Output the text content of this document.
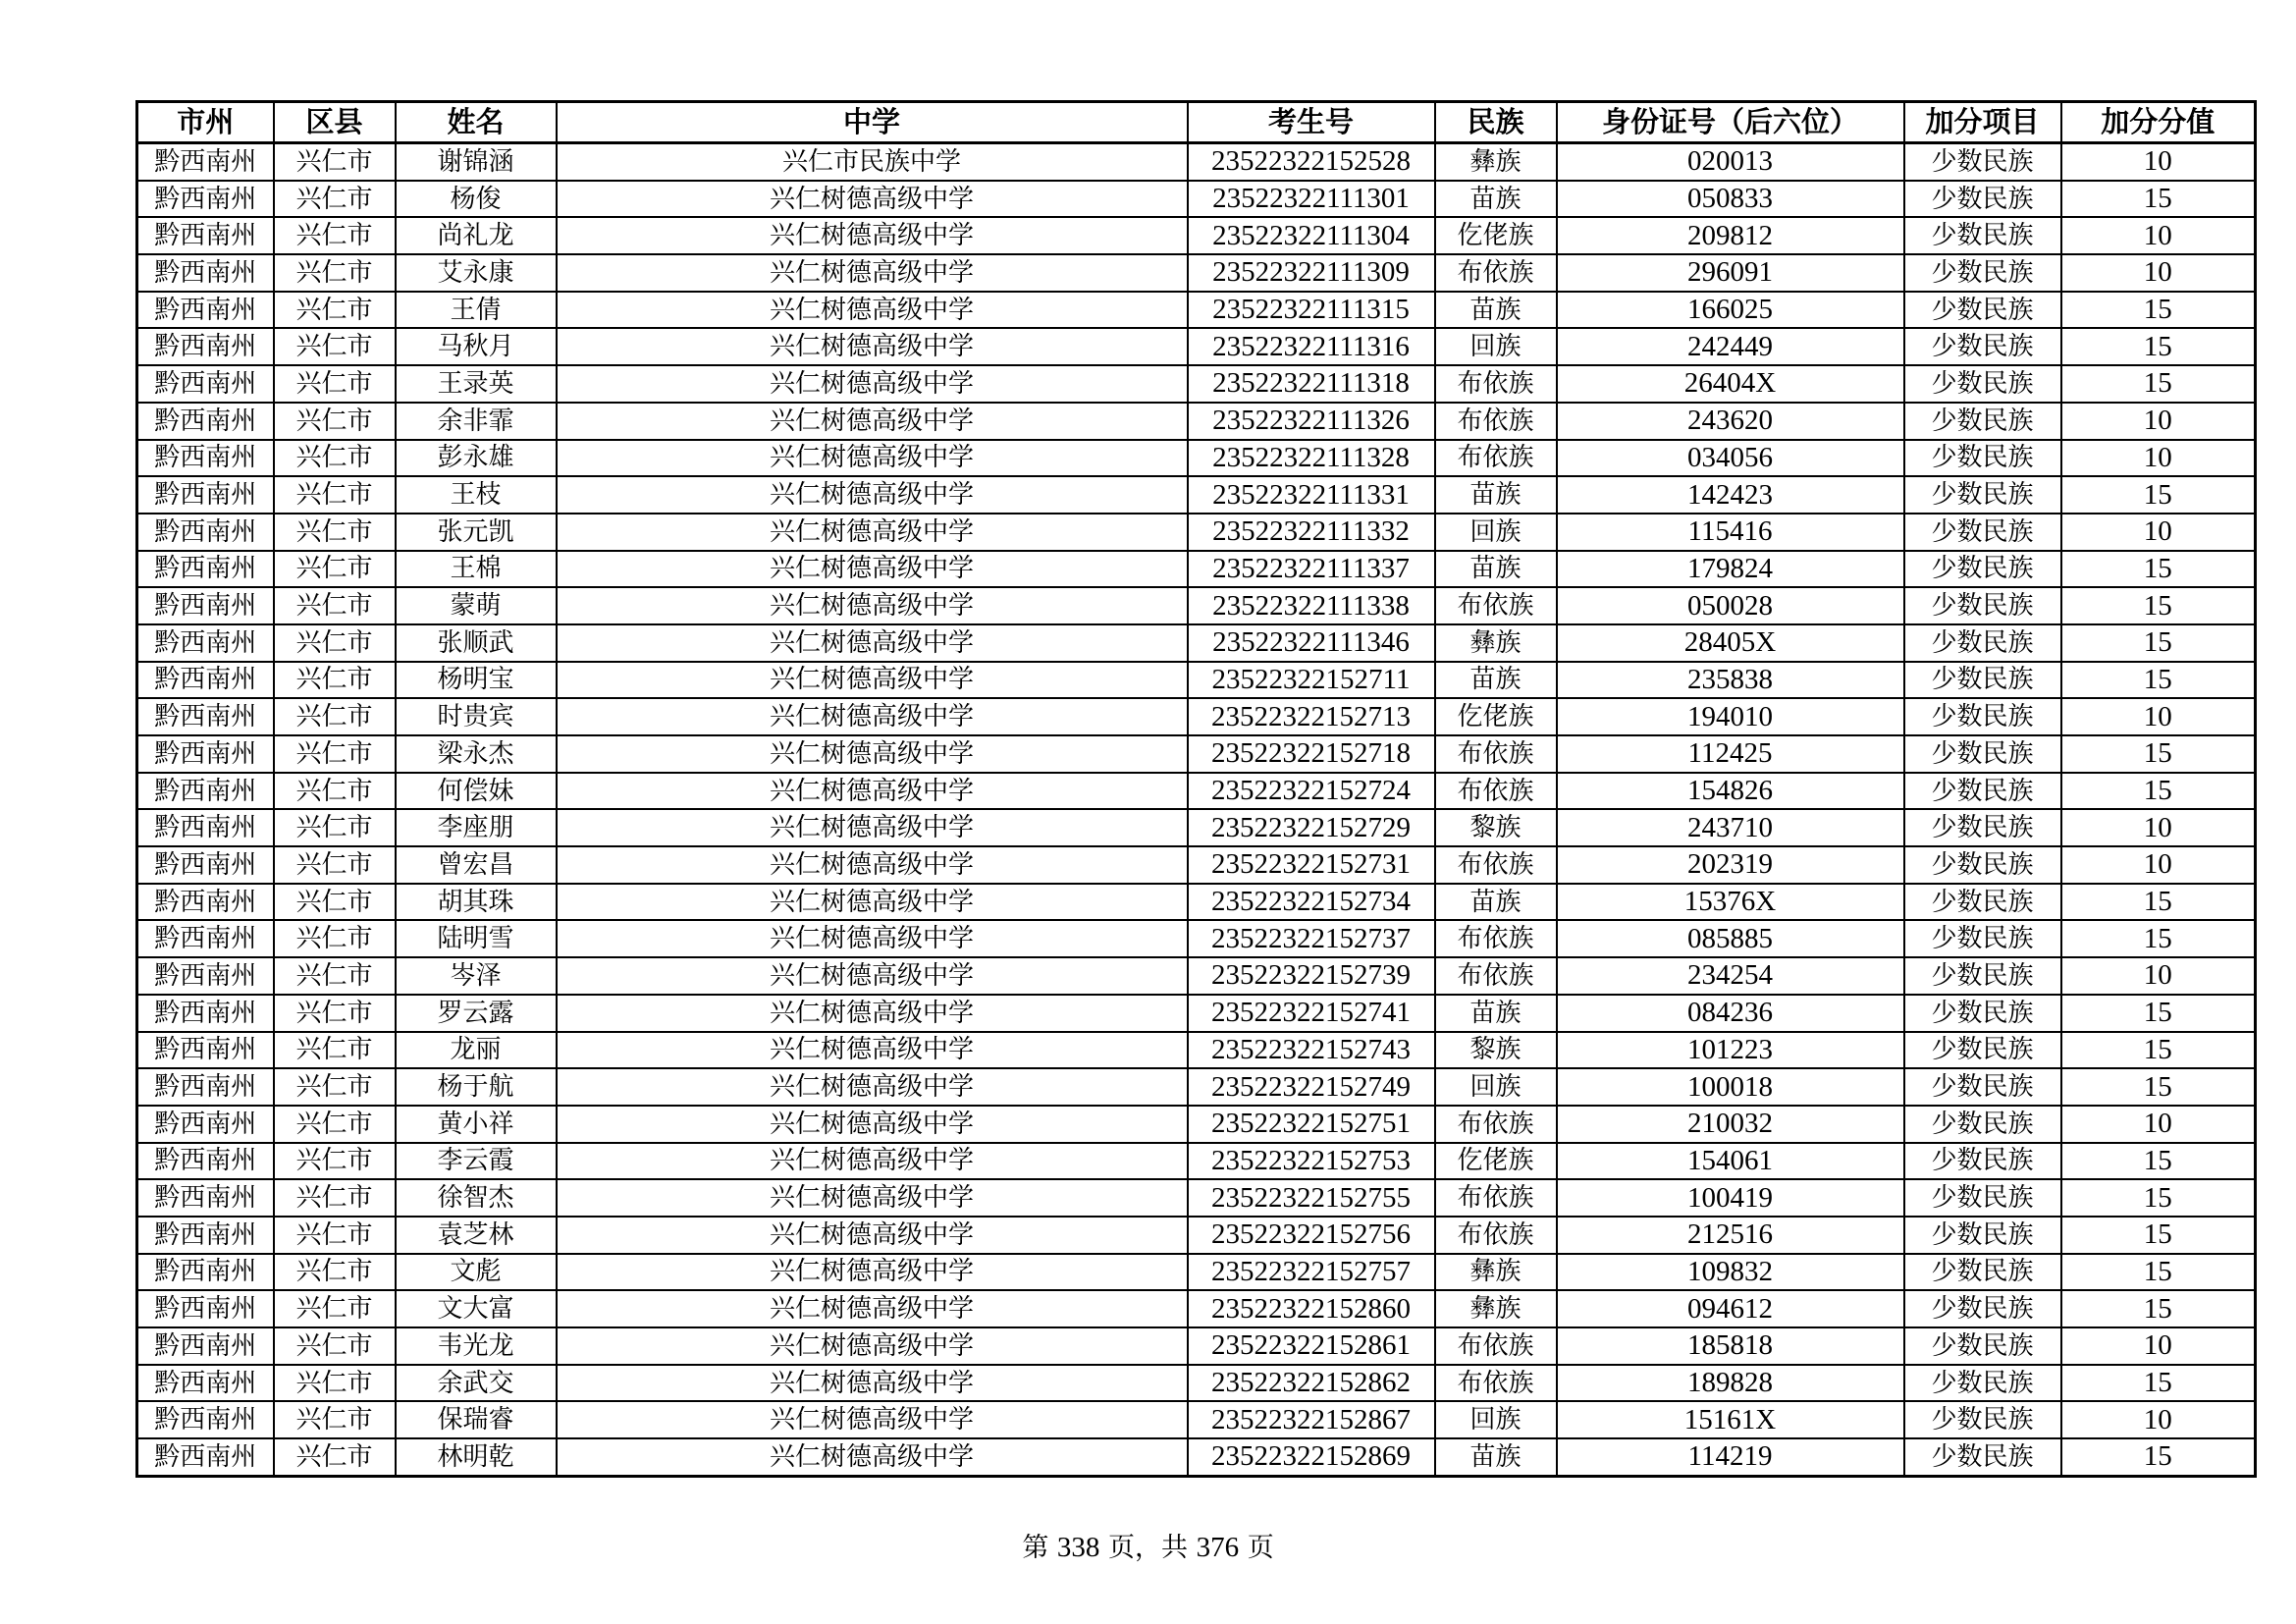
市州	区县	姓名	中学	考生号	民族	身份证号（后六位）	加分项目	加分分值
黔西南州	兴仁市	谢锦涵	兴仁市民族中学	23522322152528	彝族	020013	少数民族	10
黔西南州	兴仁市	杨俊	兴仁树德高级中学	23522322111301	苗族	050833	少数民族	15
黔西南州	兴仁市	尚礼龙	兴仁树德高级中学	23522322111304	仡佬族	209812	少数民族	10
黔西南州	兴仁市	艾永康	兴仁树德高级中学	23522322111309	布依族	296091	少数民族	10
黔西南州	兴仁市	王倩	兴仁树德高级中学	23522322111315	苗族	166025	少数民族	15
黔西南州	兴仁市	马秋月	兴仁树德高级中学	23522322111316	回族	242449	少数民族	15
黔西南州	兴仁市	王录英	兴仁树德高级中学	23522322111318	布依族	26404X	少数民族	15
黔西南州	兴仁市	余非霏	兴仁树德高级中学	23522322111326	布依族	243620	少数民族	10
黔西南州	兴仁市	彭永雄	兴仁树德高级中学	23522322111328	布依族	034056	少数民族	10
黔西南州	兴仁市	王枝	兴仁树德高级中学	23522322111331	苗族	142423	少数民族	15
黔西南州	兴仁市	张元凯	兴仁树德高级中学	23522322111332	回族	115416	少数民族	10
黔西南州	兴仁市	王棉	兴仁树德高级中学	23522322111337	苗族	179824	少数民族	15
黔西南州	兴仁市	蒙萌	兴仁树德高级中学	23522322111338	布依族	050028	少数民族	15
黔西南州	兴仁市	张顺武	兴仁树德高级中学	23522322111346	彝族	28405X	少数民族	15
黔西南州	兴仁市	杨明宝	兴仁树德高级中学	23522322152711	苗族	235838	少数民族	15
黔西南州	兴仁市	时贵宾	兴仁树德高级中学	23522322152713	仡佬族	194010	少数民族	10
黔西南州	兴仁市	梁永杰	兴仁树德高级中学	23522322152718	布依族	112425	少数民族	15
黔西南州	兴仁市	何偿妹	兴仁树德高级中学	23522322152724	布依族	154826	少数民族	15
黔西南州	兴仁市	李座朋	兴仁树德高级中学	23522322152729	黎族	243710	少数民族	10
黔西南州	兴仁市	曾宏昌	兴仁树德高级中学	23522322152731	布依族	202319	少数民族	10
黔西南州	兴仁市	胡其珠	兴仁树德高级中学	23522322152734	苗族	15376X	少数民族	15
黔西南州	兴仁市	陆明雪	兴仁树德高级中学	23522322152737	布依族	085885	少数民族	15
黔西南州	兴仁市	岑泽	兴仁树德高级中学	23522322152739	布依族	234254	少数民族	10
黔西南州	兴仁市	罗云露	兴仁树德高级中学	23522322152741	苗族	084236	少数民族	15
黔西南州	兴仁市	龙丽	兴仁树德高级中学	23522322152743	黎族	101223	少数民族	15
黔西南州	兴仁市	杨于航	兴仁树德高级中学	23522322152749	回族	100018	少数民族	15
黔西南州	兴仁市	黄小祥	兴仁树德高级中学	23522322152751	布依族	210032	少数民族	10
黔西南州	兴仁市	李云霞	兴仁树德高级中学	23522322152753	仡佬族	154061	少数民族	15
黔西南州	兴仁市	徐智杰	兴仁树德高级中学	23522322152755	布依族	100419	少数民族	15
黔西南州	兴仁市	袁芝林	兴仁树德高级中学	23522322152756	布依族	212516	少数民族	15
黔西南州	兴仁市	文彪	兴仁树德高级中学	23522322152757	彝族	109832	少数民族	15
黔西南州	兴仁市	文大富	兴仁树德高级中学	23522322152860	彝族	094612	少数民族	15
黔西南州	兴仁市	韦光龙	兴仁树德高级中学	23522322152861	布依族	185818	少数民族	10
黔西南州	兴仁市	余武交	兴仁树德高级中学	23522322152862	布依族	189828	少数民族	15
黔西南州	兴仁市	保瑞睿	兴仁树德高级中学	23522322152867	回族	15161X	少数民族	10
黔西南州	兴仁市	林明乾	兴仁树德高级中学	23522322152869	苗族	114219	少数民族	15
第 338 页，共 376 页
